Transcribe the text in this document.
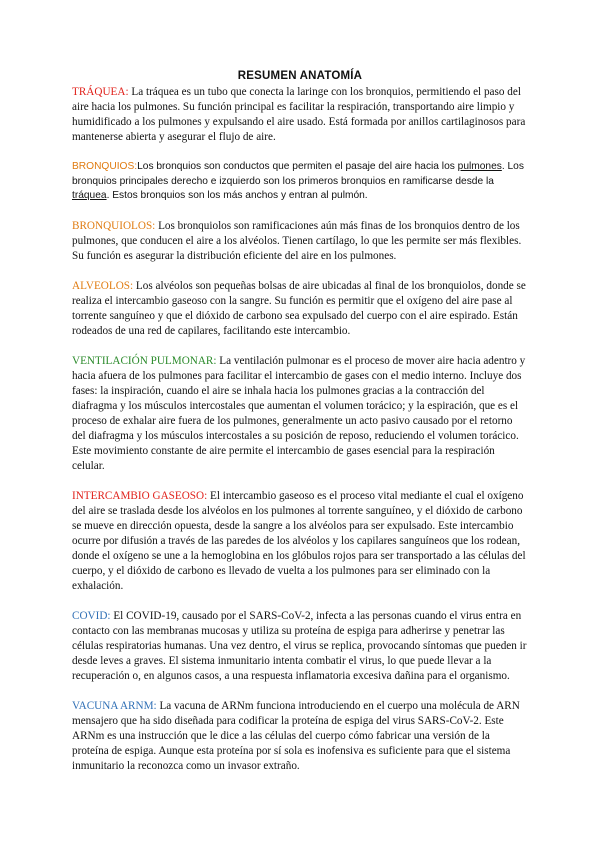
RESUMEN ANATOMÍA

TRÁQUEA: La tráquea es un tubo que conecta la laringe con los bronquios, permitiendo el paso del aire hacia los pulmones. Su función principal es facilitar la respiración, transportando aire limpio y humidificado a los pulmones y expulsando el aire usado. Está formada por anillos cartilaginosos para mantenerse abierta y asegurar el flujo de aire.

BRONQUIOS:Los bronquios son conductos que permiten el pasaje del aire hacia los pulmones. Los bronquios principales derecho e izquierdo son los primeros bronquios en ramificarse desde la tráquea. Estos bronquios son los más anchos y entran al pulmón.

BRONQUIOLOS: Los bronquiolos son ramificaciones aún más finas de los bronquios dentro de los pulmones, que conducen el aire a los alvéolos. Tienen cartílago, lo que les permite ser más flexibles. Su función es asegurar la distribución eficiente del aire en los pulmones.

ALVEOLOS: Los alvéolos son pequeñas bolsas de aire ubicadas al final de los bronquiolos, donde se realiza el intercambio gaseoso con la sangre. Su función es permitir que el oxígeno del aire pase al torrente sanguíneo y que el dióxido de carbono sea expulsado del cuerpo con el aire espirado. Están rodeados de una red de capilares, facilitando este intercambio.

VENTILACIÓN PULMONAR: La ventilación pulmonar es el proceso de mover aire hacia adentro y hacia afuera de los pulmones para facilitar el intercambio de gases con el medio interno. Incluye dos fases: la inspiración, cuando el aire se inhala hacia los pulmones gracias a la contracción del diafragma y los músculos intercostales que aumentan el volumen torácico; y la espiración, que es el proceso de exhalar aire fuera de los pulmones, generalmente un acto pasivo causado por el retorno del diafragma y los músculos intercostales a su posición de reposo, reduciendo el volumen torácico. Este movimiento constante de aire permite el intercambio de gases esencial para la respiración celular.

INTERCAMBIO GASEOSO: El intercambio gaseoso es el proceso vital mediante el cual el oxígeno del aire se traslada desde los alvéolos en los pulmones al torrente sanguíneo, y el dióxido de carbono se mueve en dirección opuesta, desde la sangre a los alvéolos para ser expulsado. Este intercambio ocurre por difusión a través de las paredes de los alvéolos y los capilares sanguíneos que los rodean, donde el oxígeno se une a la hemoglobina en los glóbulos rojos para ser transportado a las células del cuerpo, y el dióxido de carbono es llevado de vuelta a los pulmones para ser eliminado con la exhalación.

COVID: El COVID-19, causado por el SARS-CoV-2, infecta a las personas cuando el virus entra en contacto con las membranas mucosas y utiliza su proteína de espiga para adherirse y penetrar las células respiratorias humanas. Una vez dentro, el virus se replica, provocando síntomas que pueden ir desde leves a graves. El sistema inmunitario intenta combatir el virus, lo que puede llevar a la recuperación o, en algunos casos, a una respuesta inflamatoria excesiva dañina para el organismo.

VACUNA ARNM: La vacuna de ARNm funciona introduciendo en el cuerpo una molécula de ARN mensajero que ha sido diseñada para codificar la proteína de espiga del virus SARS-CoV-2. Este ARNm es una instrucción que le dice a las células del cuerpo cómo fabricar una versión de la proteína de espiga. Aunque esta proteína por sí sola es inofensiva es suficiente para que el sistema inmunitario la reconozca como un invasor extraño.
